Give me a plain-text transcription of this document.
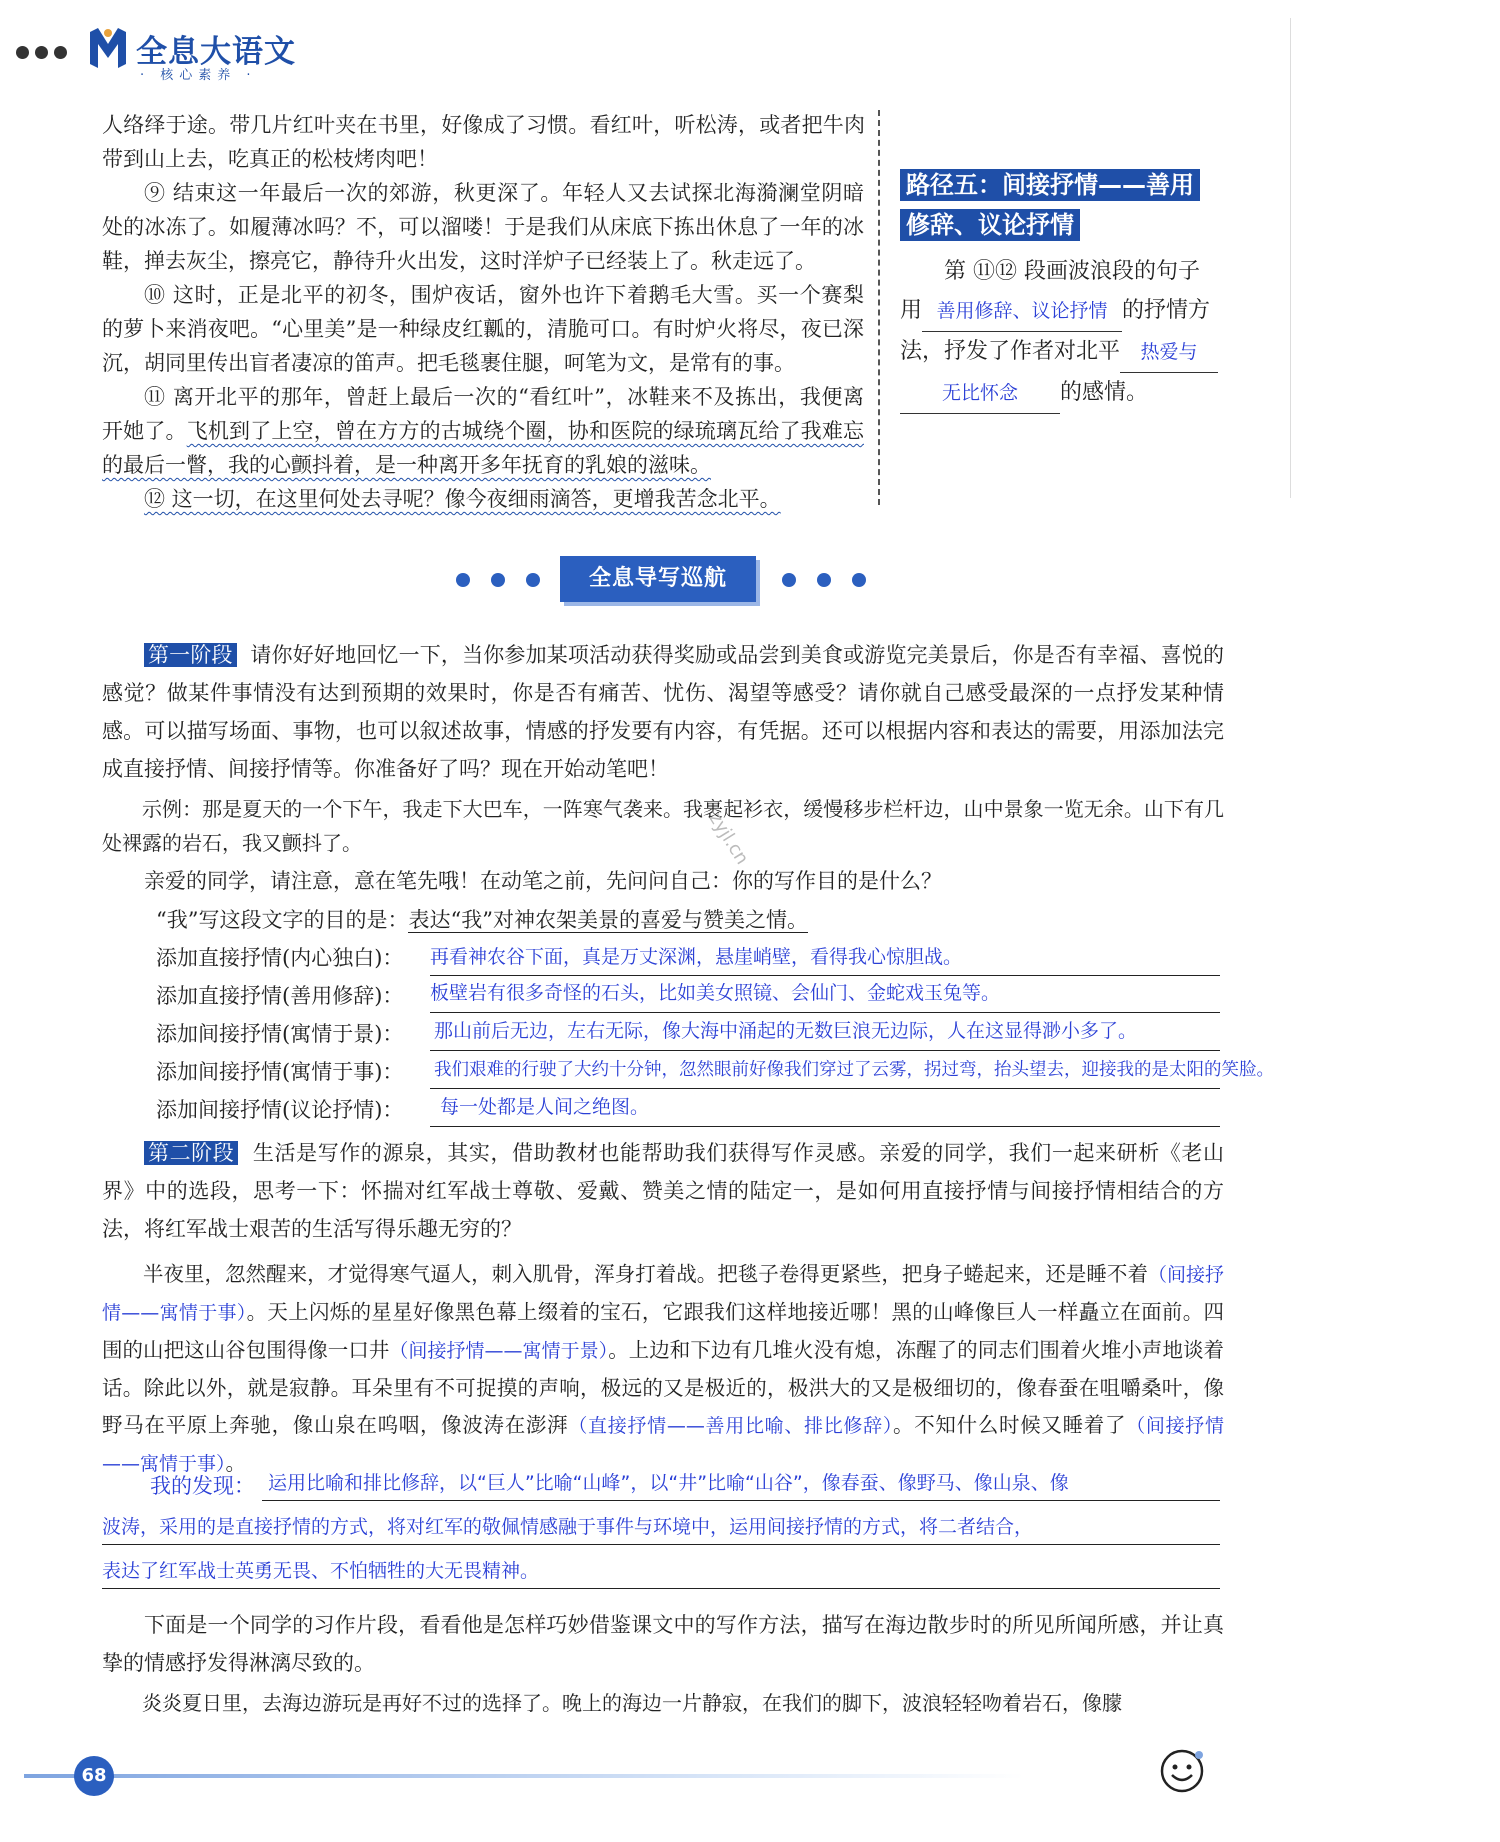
全息大语文
· 核心素养 ·

人络绎于途。带几片红叶夹在书里，好像成了习惯。看红叶，听松涛，或者把牛肉

带到山上去，吃真正的松枝烤肉吧！

⑨ 结束这一年最后一次的郊游，秋更深了。年轻人又去试探北海漪澜堂阴暗处的冰冻了。如履薄冰吗？不，可以溜喽！于是我们从床底下拣出休息了一年的冰鞋，掸去灰尘，擦亮它，静待升火出发，这时洋炉子已经装上了。秋走远了。

⑩ 这时，正是北平的初冬，围炉夜话，窗外也许下着鹅毛大雪。买一个赛梨的萝卜来消夜吧。“心里美”是一种绿皮红瓤的，清脆可口。有时炉火将尽，夜已深沉，胡同里传出盲者凄凉的笛声。把毛毯裹住腿，呵笔为文，是常有的事。

⑪ 离开北平的那年，曾赶上最后一次的“看红叶”，冰鞋来不及拣出，我便离开她了。飞机到了上空，曾在方方的古城绕个圈，协和医院的绿琉璃瓦给了我难忘的最后一瞥，我的心颤抖着，是一种离开多年抚育的乳娘的滋味。

⑫ 这一切，在这里何处去寻呢？像今夜细雨滴答，更增我苦念北平。

路径五：间接抒情——善用
修辞、议论抒情
第 ⑪⑫ 段画波浪段的句子
用 善用修辞、议论抒情 的抒情方
法，抒发了作者对北平 热爱与
无比怀念 的感情。
全息导写巡航

第一阶段 请你好好地回忆一下，当你参加某项活动获得奖励或品尝到美食或游览完美景后，你是否有幸福、喜悦的感觉？做某件事情没有达到预期的效果时，你是否有痛苦、忧伤、渴望等感受？请你就自己感受最深的一点抒发某种情感。可以描写场面、事物，也可以叙述故事，情感的抒发要有内容，有凭据。还可以根据内容和表达的需要，用添加法完成直接抒情、间接抒情等。你准备好了吗？现在开始动笔吧！

示例：那是夏天的一个下午，我走下大巴车，一阵寒气袭来。我裹起衫衣，缓慢移步栏杆边，山中景象一览无余。山下有几处裸露的岩石，我又颤抖了。

亲爱的同学，请注意，意在笔先哦！在动笔之前，先问问自己：你的写作目的是什么？

“我”写这段文字的目的是：表达“我”对神农架美景的喜爱与赞美之情。
添加直接抒情(内心独白)： 再看神农谷下面，真是万丈深渊，悬崖峭壁，看得我心惊胆战。
添加直接抒情(善用修辞)： 板壁岩有很多奇怪的石头，比如美女照镜、会仙门、金蛇戏玉兔等。
添加间接抒情(寓情于景)： 那山前后无边，左右无际，像大海中涌起的无数巨浪无边际，人在这显得渺小多了。
添加间接抒情(寓情于事)： 我们艰难的行驶了大约十分钟，忽然眼前好像我们穿过了云雾，拐过弯，抬头望去，迎接我的是太阳的笑脸。
添加间接抒情(议论抒情)： 每一处都是人间之绝图。
zyjl.cn

第二阶段 生活是写作的源泉，其实，借助教材也能帮助我们获得写作灵感。亲爱的同学，我们一起来研析《老山界》中的选段，思考一下：怀揣对红军战士尊敬、爱戴、赞美之情的陆定一，是如何用直接抒情与间接抒情相结合的方法，将红军战士艰苦的生活写得乐趣无穷的？

半夜里，忽然醒来，才觉得寒气逼人，刺入肌骨，浑身打着战。把毯子卷得更紧些，把身子蜷起来，还是睡不着（间接抒情——寓情于事）。天上闪烁的星星好像黑色幕上缀着的宝石，它跟我们这样地接近哪！黑的山峰像巨人一样矗立在面前。四围的山把这山谷包围得像一口井（间接抒情——寓情于景）。上边和下边有几堆火没有熄，冻醒了的同志们围着火堆小声地谈着话。除此以外，就是寂静。耳朵里有不可捉摸的声响，极远的又是极近的，极洪大的又是极细切的，像春蚕在咀嚼桑叶，像野马在平原上奔驰，像山泉在呜咽，像波涛在澎湃（直接抒情——善用比喻、排比修辞）。不知什么时候又睡着了（间接抒情——寓情于事）。

我的发现： 运用比喻和排比修辞，以“巨人”比喻“山峰”，以“井”比喻“山谷”，像春蚕、像野马、像山泉、像
波涛，采用的是直接抒情的方式，将对红军的敬佩情感融于事件与环境中，运用间接抒情的方式，将二者结合，
表达了红军战士英勇无畏、不怕牺牲的大无畏精神。

下面是一个同学的习作片段，看看他是怎样巧妙借鉴课文中的写作方法，描写在海边散步时的所见所闻所感，并让真挚的情感抒发得淋漓尽致的。

炎炎夏日里，去海边游玩是再好不过的选择了。晚上的海边一片静寂，在我们的脚下，波浪轻轻吻着岩石，像朦

68
